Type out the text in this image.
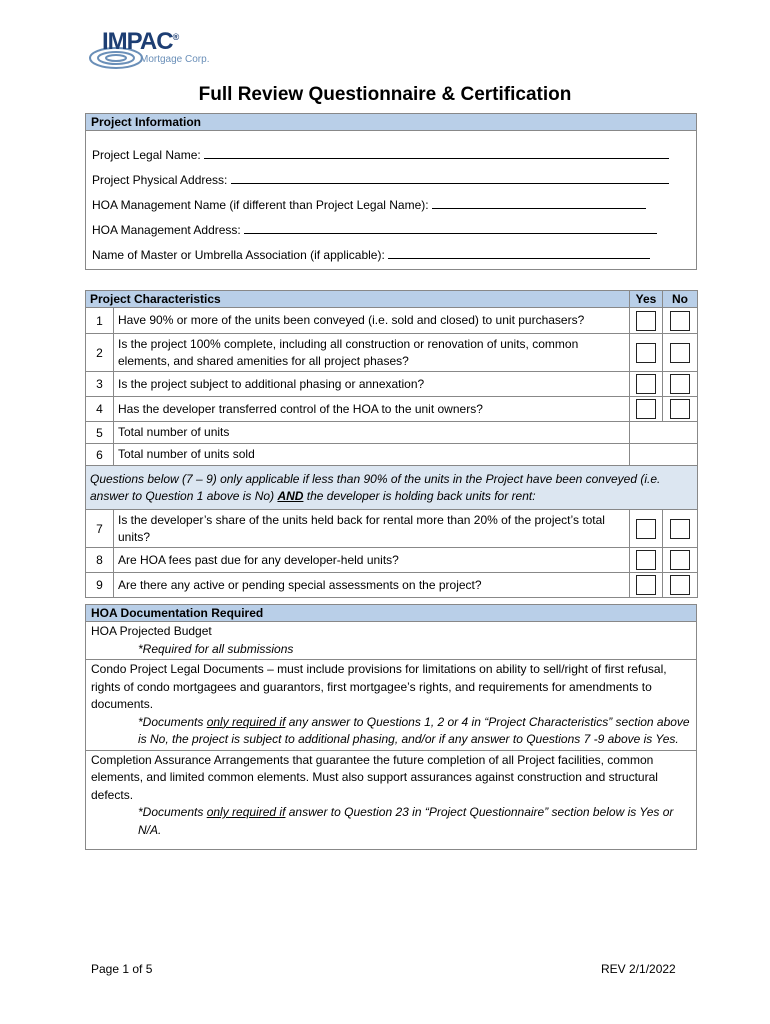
IMPAC®
Mortgage Corp.
Full Review Questionnaire & Certification
Project Information
Project Legal Name:
Project Physical Address:
HOA Management Name (if different than Project Legal Name):
HOA Management Address:
Name of Master or Umbrella Association (if applicable):
Project Characteristics		Yes	No
1	Have 90% or more of the units been conveyed (i.e. sold and closed) to unit purchasers?	

2	Is the project 100% complete, including all construction or renovation of units, common elements, and shared amenities for all project phases?	

3	Is the project subject to additional phasing or annexation?	

4	Has the developer transferred control of the HOA to the unit owners?	

5	Total number of units		
6	Total number of units sold		
Questions below (7 – 9) only applicable if less than 90% of the units in the Project have been conveyed (i.e. answer to Question 1 above is No) AND the developer is holding back units for rent:			
7	Is the developer’s share of the units held back for rental more than 20% of the project’s total units?	

8	Are HOA fees past due for any developer-held units?	

9	Are there any active or pending special assessments on the project?	

HOA Documentation Required
HOA Projected Budget
*Required for all submissions
Condo Project Legal Documents – must include provisions for limitations on ability to sell/right of first refusal, rights of condo mortgagees and guarantors, first mortgagee’s rights, and requirements for amendments to documents.
*Documents only required if any answer to Questions 1, 2 or 4 in “Project Characteristics” section above is No, the project is subject to additional phasing, and/or if any answer to Questions 7 -9 above is Yes.
Completion Assurance Arrangements that guarantee the future completion of all Project facilities, common elements, and limited common elements. Must also support assurances against construction and structural defects.
*Documents only required if answer to Question 23 in “Project Questionnaire” section below is Yes or N/A.
Page 1 of 5	REV 2/1/2022
